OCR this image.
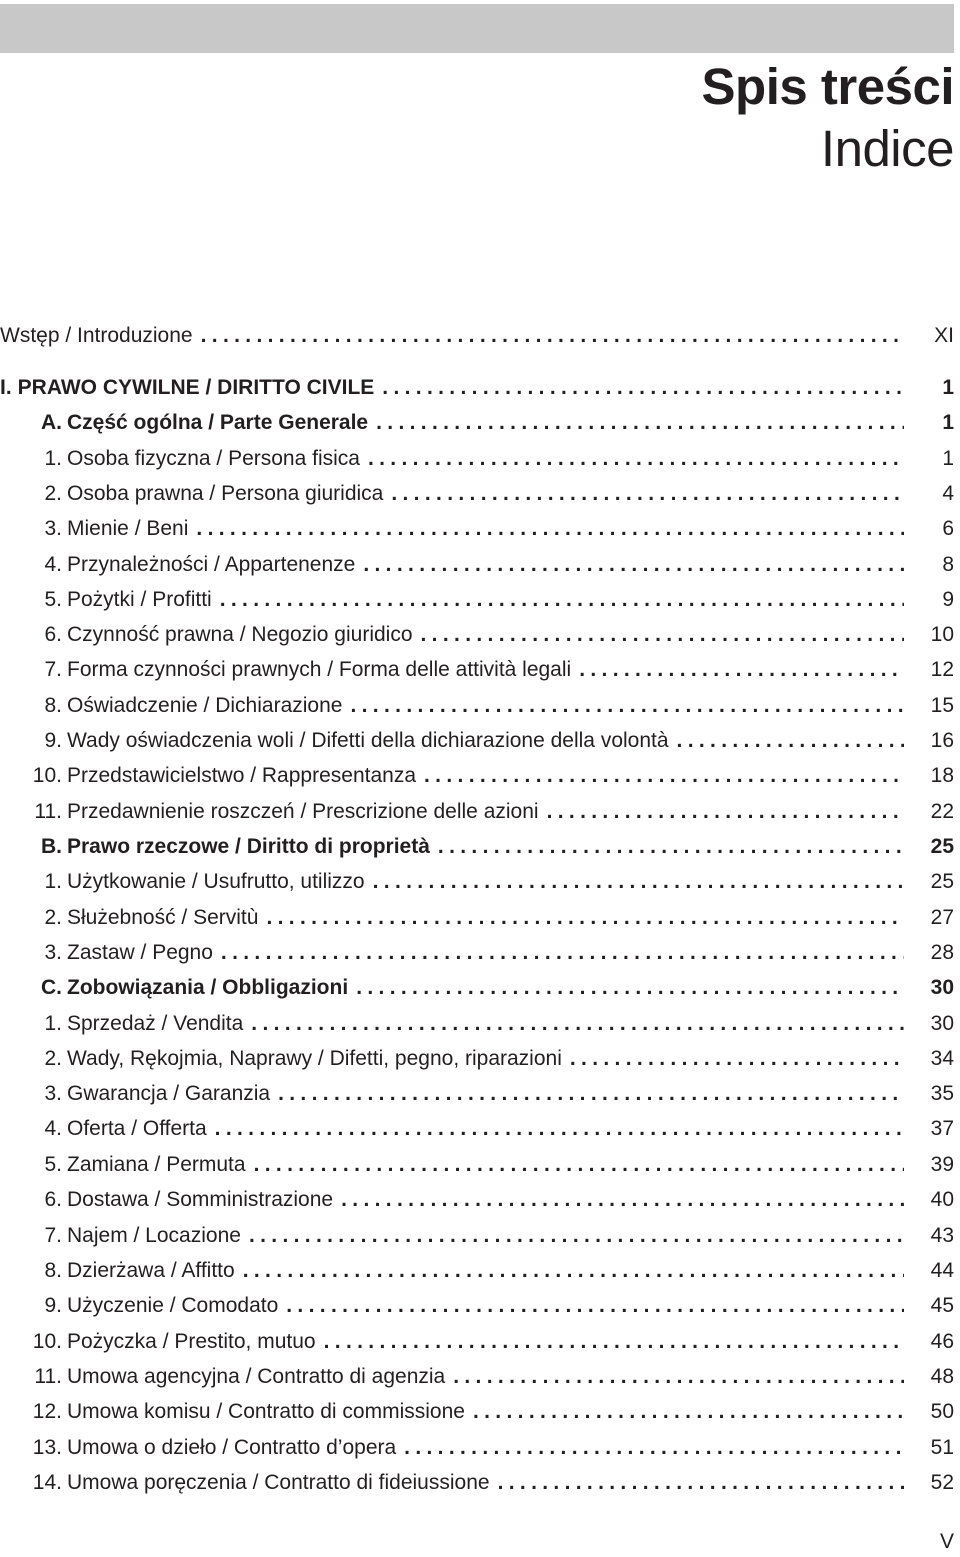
Spis treści
Indice
Wstęp / Introduzione . . .	XI
I. PRAWO CYWILNE / DIRITTO CIVILE . . .	1
A. Część ogólna / Parte Generale . . .	1
1. Osoba fizyczna / Persona fisica . . .	1
2. Osoba prawna / Persona giuridica . . .	4
3. Mienie / Beni . . .	6
4. Przynależności / Appartenenze . . .	8
5. Pożytki / Profitti . . .	9
6. Czynność prawna / Negozio giuridico . . .	10
7. Forma czynności prawnych / Forma delle attività legali . . .	12
8. Oświadczenie / Dichiarazione . . .	15
9. Wady oświadczenia woli / Difetti della dichiarazione della volontà . . .	16
10. Przedstawicielstwo / Rappresentanza . . .	18
11. Przedawnienie roszczeń / Prescrizione delle azioni . . .	22
B. Prawo rzeczowe / Diritto di proprietà . . .	25
1. Użytkowanie / Usufrutto, utilizzo . . .	25
2. Służebność / Servitù . . .	27
3. Zastaw / Pegno . . .	28
C. Zobowiązania / Obbligazioni . . .	30
1. Sprzedaż / Vendita . . .	30
2. Wady, Rękojmia, Naprawy / Difetti, pegno, riparazioni . . .	34
3. Gwarancja / Garanzia . . .	35
4. Oferta / Offerta . . .	37
5. Zamiana / Permuta . . .	39
6. Dostawa / Somministrazione . . .	40
7. Najem / Locazione . . .	43
8. Dzierżawa / Affitto . . .	44
9. Użyczenie / Comodato . . .	45
10. Pożyczka / Prestito, mutuo . . .	46
11. Umowa agencyjna / Contratto di agenzia . . .	48
12. Umowa komisu / Contratto di commissione . . .	50
13. Umowa o dzieło / Contratto d’opera . . .	51
14. Umowa poręczenia / Contratto di fideiussione . . .	52
V
